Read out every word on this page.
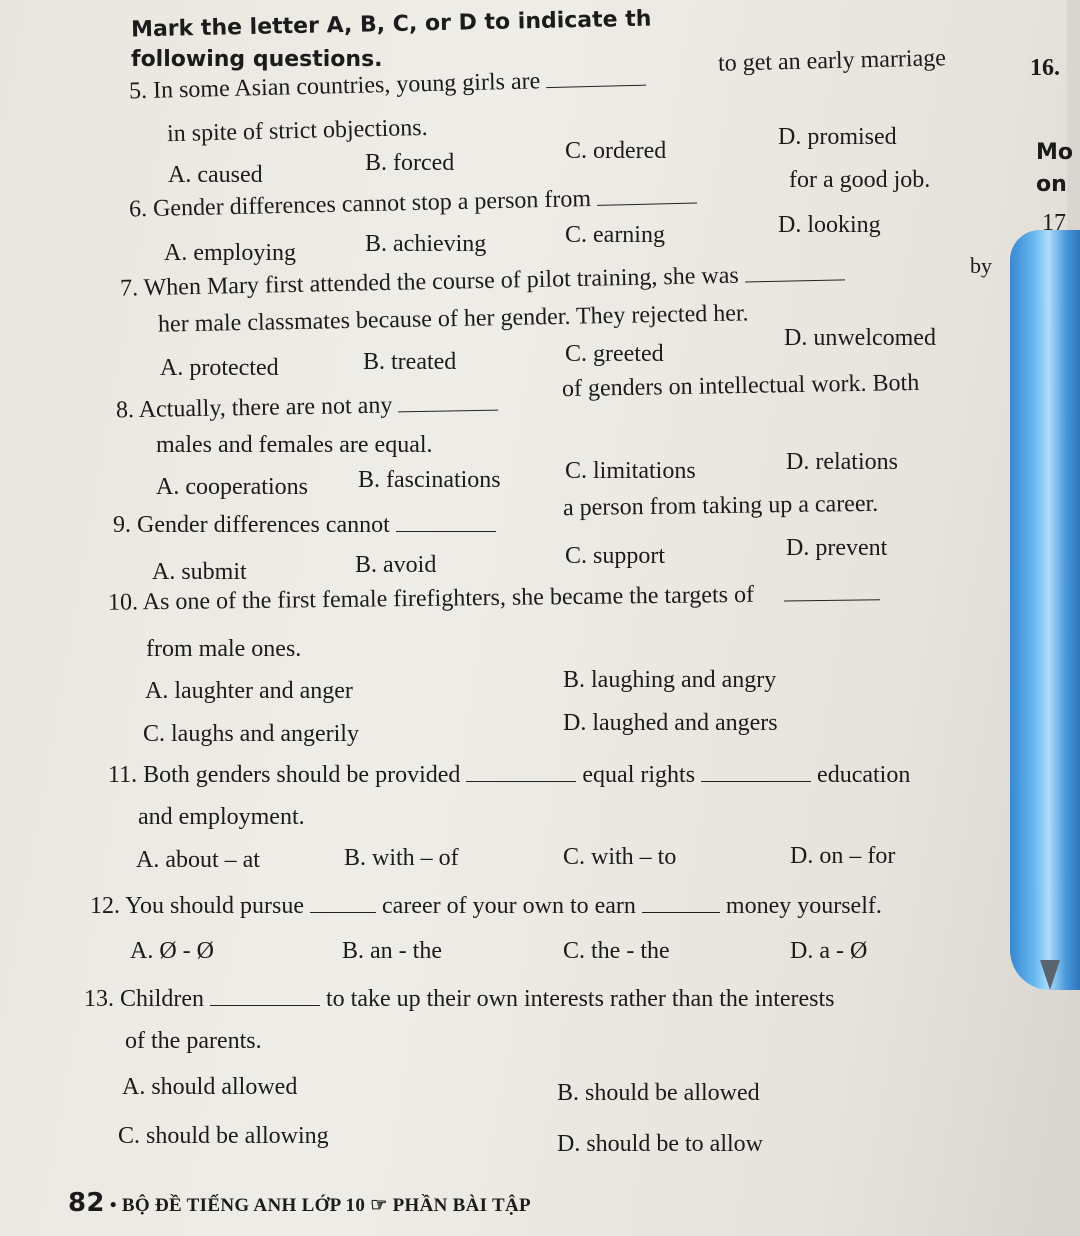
Mark the letter A, B, C, or D to indicate th
following questions.	16.
Mo
on
17
by
5. In some Asian countries, young girls are
to get an early marriage
in spite of strict objections.
A. caused	B. forced	C. ordered
D. promised
6. Gender differences cannot stop a person from
for a good job.
A. employing	B. achieving	C. earning	D. looking
7. When Mary first attended the course of pilot training, she was
her male classmates because of her gender. They rejected her.
A. protected	B. treated	C. greeted
D. unwelcomed
8. Actually, there are not any
of genders on intellectual work. Both
males and females are equal.
A. cooperations B. fascinations	C. limitations	D. relations
9. Gender differences cannot
a person from taking up a career.
A. submit	B. avoid	C. support	D. prevent
10. As one of the first female firefighters, she became the targets of
from male ones.
A. laughter and anger	B. laughing and angry
C. laughs and angerily	D. laughed and angers
11. Both genders should be provided	equal rights	education
and employment.
A. about – at	B. with – of	C. with – to	D. on – for
12. You should pursue	career of your own to earn	money yourself.
A. Ø - Ø	B. an - the	C. the - the	D. a - Ø
13. Children	to take up their own interests rather than the interests
of the parents.
A. should allowed	B. should be allowed
C. should be allowing	D. should be to allow
82 • BỘ ĐỀ TIẾNG ANH LỚP 10 ☞ PHẦN BÀI TẬP
